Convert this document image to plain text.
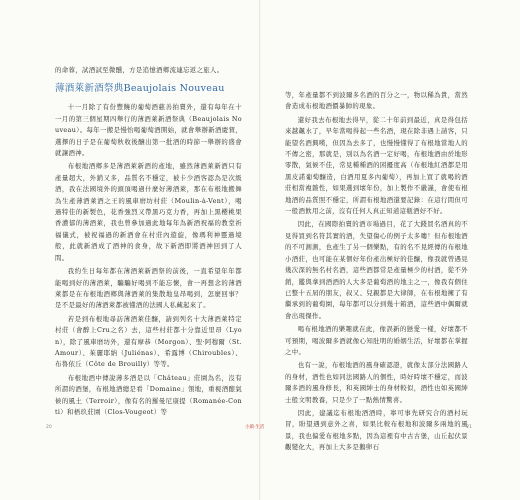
的命蓉，試酒試至微醺，方是追憶酒鄉流連忘返之旅人。

薄酒萊新酒祭典Beaujolais Nouveau

十一月除了有份豐饒的葡萄酒慈善拍賣外，還有每年在十一月的第三個星期四舉行的薄酒萊新酒祭典（Beaujolais Nouveau）。每年一搬是慢怡喝葡萄酒開始，就會舉辦新酒慶賀，選擇的日子是在葡萄秋收後醸出第一批酒的時節一舉辦的盛會就讓酒神。

布根地酒鄉多是薄酒萊新酒的產地，雖然薄酒萊新酒只有產量超大，外銷又多，品質名不穩定，被卡少酒客認為是次級酒，我在法國境外的頭頂喝過什麼好薄酒萊，那在布根地搬舞為生產薄酒萊酒之王的風車磨坊村莊（Moulin-à-Vent），喝過特佳的新製色，花香強烈又帶黑巧克力香，再加上黑櫻桃果香濃郁的薄酒萊，我也曾參加過此地每年為新酒祝福的教堂祈福儀式，被祝福過的新酒會在村莊內遊旋，像瑪利神靈過境般，此就新酒成了酒神的食身，故下新酒即將酒神回到了人間。

我約生日每年都在薄酒萊新酒祭的前後，一直希望年年都能喝到好的薄酒萊，騙騙好喝到不能忘懷，會一再想念的薄酒萊都是在布根地酒鄉與薄酒萊的集散地皇昂喝到，怎麼回事？是不是最好的薄酒萊都被懂酒的法國人私藏起來了。

若是到布根地尋訪薄酒萊佳釀，請到列名十大薄酒萊特定村莊（會醉上Cru之名）去，這些村莊都十分靠近里昂（Lyon），除了風車磨坊外，還有摩恭（Morgon）、聖·阿穆爾（St. Amour）、茱麗耶納（Juliénas）、希露博（Chiroubles）、布魯依丘（Côte de Brouilly）等等。

布根地酒中傳說薄多酒是以「Château」莊園為名，沒有所謂的酒堡，布根地酒總是看「Domaine」領地，重視酒酿氣候的風土（Terroir），像有名的羅曼尼康提（Romanée-Conti）和梧玖莊園（Clos-Vougeot）等

等，年產量都不到波爾多名酒的百分之一，物以稀為貴，當然會造成布根地酒價暴帥的現象。

還好我去布根地去得早，從二十年前到最近，真是得包括來越飆水了，早年當喝得起一些名酒，現在除非遇上請客，只能望名酒興嘆，但因為去多了，也慢慢懂得了布根地當地人的不傳之密，那就是，別以為名酒一定好喝，布根地酒由於地形零散，氣候不佳，常見種種酒的困擾度高（布根地紅酒都是用黑皮諾葡萄釀造，白酒用夏多內葡萄），再加上買了就喝的酒莊相當複雜性，如果選到壞年份，加上製作不嚴謹，會使布根地酒的品質照不穩定，所謂布根地酒還要記錄：在這行間但可一般酒飲用之前，沒有任何人真正知道這瓶酒好不好。

因此，在國際拍賣的酒市場過目，花了大錢買名酒真的不見得買到名符其實的酒，失望傷心的例子太多嘍！但布根地酒的不可測測，也產生了另一個樂點，有的名不見經傳的布根地小酒莊，也可能在某個好年份產出極好的佳釀，像我就曾遇見幾次深的無名村名酒，這些酒都常是產量極少的村酒，從不外銷，鑑與拿到酒酒的人大多是葡萄酒的地主之一，像我有個住已整十五屆的朋友，叔又、兒親都是大律師，在布根地擁了有繼承到的葡萄園，每年都可以分到幾十箱酒，這些酒中偶爾就會出現傑作。

喝布根地酒的樂趣就在此，像誤新的戀愛一樣，好壞都不可預期，喝波爾多酒就像心知肚明的婚姻生活，好壞都在掌握之中。

也有一說，布根地酒的風身確認證，就像太部分法國路人的身材，酒性也如同法國路人的個性，時好時壞不穩定，而波爾多酒的風身修長，和英國紳士的身材較似，酒性也如英國紳士般文明教養，只是少了一點熱情驚喜。

因此，建議迄布根地酒酒時，寧可事先研究合的酒村玩冒，盼望遇到意外之喜，如果比較布根地和波爾多兩地的風景，我也偏愛布根地多點，因為這裡有中古古堡，山丘起伏景觀變化大，再加上大多是鵝卵石

20	小鎮·生活	21
